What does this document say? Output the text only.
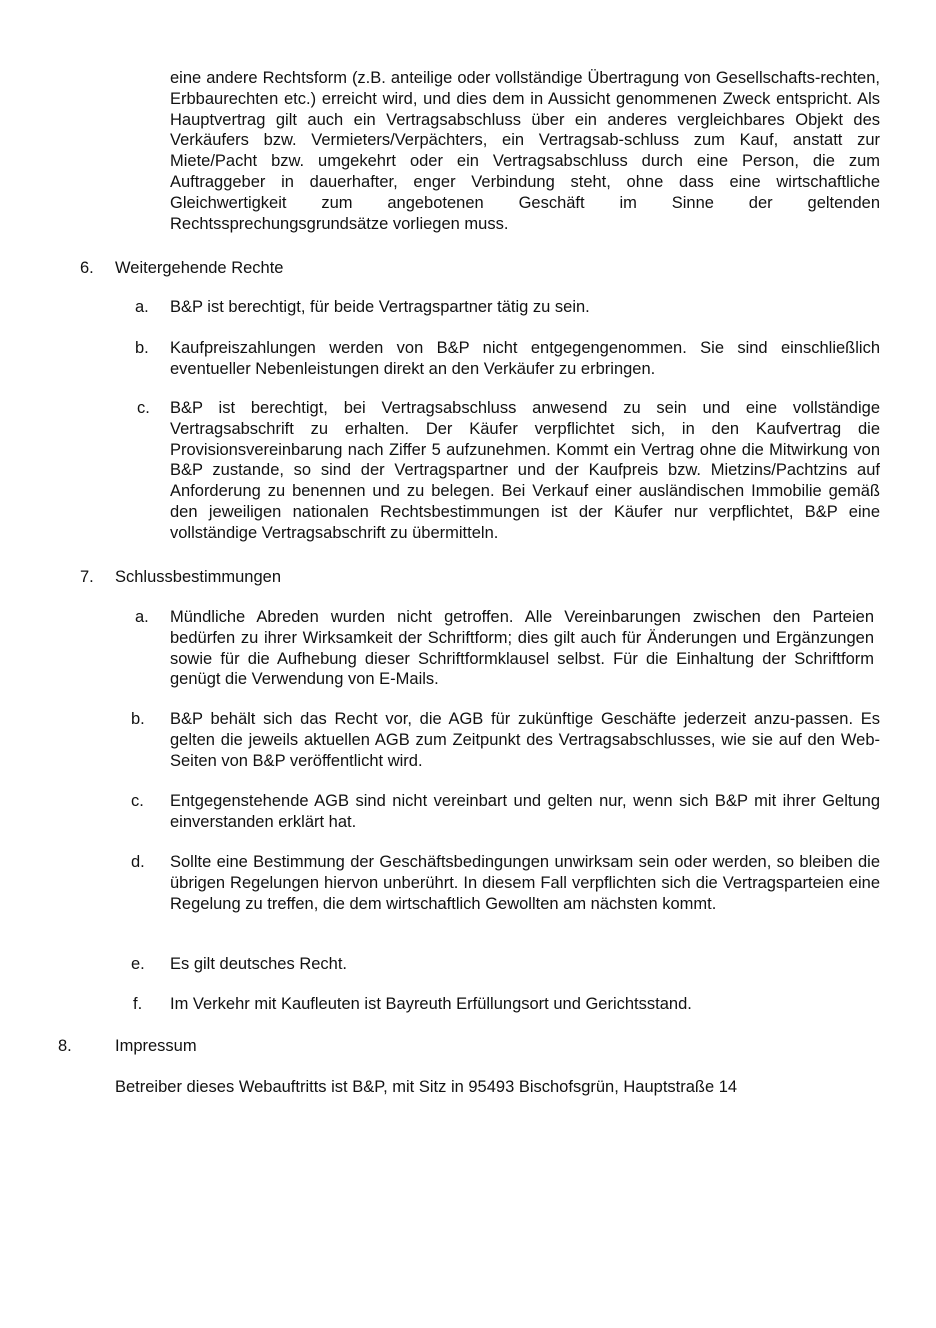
eine andere Rechtsform (z.B. anteilige oder vollständige Übertragung von Gesellschafts-rechten, Erbbaurechten etc.) erreicht wird, und dies dem in Aussicht genommenen Zweck entspricht. Als Hauptvertrag gilt auch ein Vertragsabschluss über ein anderes vergleichbares Objekt des Verkäufers bzw. Vermieters/Verpächters, ein Vertragsab-schluss zum Kauf, anstatt zur Miete/Pacht bzw. umgekehrt oder ein Vertragsabschluss durch eine Person, die zum Auftraggeber in dauerhafter, enger Verbindung steht, ohne dass eine wirtschaftliche Gleichwertigkeit zum angebotenen Geschäft im Sinne der geltenden Rechtssprechungsgrundsätze vorliegen muss.

6. Weitergehende Rechte

a. B&P ist berechtigt, für beide Vertragspartner tätig zu sein.

b. Kaufpreiszahlungen werden von B&P nicht entgegengenommen. Sie sind einschließlich eventueller Nebenleistungen direkt an den Verkäufer zu erbringen.

c. B&P ist berechtigt, bei Vertragsabschluss anwesend zu sein und eine vollständige Vertragsabschrift zu erhalten. Der Käufer verpflichtet sich, in den Kaufvertrag die Provisionsvereinbarung nach Ziffer 5 aufzunehmen. Kommt ein Vertrag ohne die Mitwirkung von B&P zustande, so sind der Vertragspartner und der Kaufpreis bzw. Mietzins/Pachtzins auf Anforderung zu benennen und zu belegen. Bei Verkauf einer ausländischen Immobilie gemäß den jeweiligen nationalen Rechtsbestimmungen ist der Käufer nur verpflichtet, B&P eine vollständige Vertragsabschrift zu übermitteln.

7. Schlussbestimmungen

a. Mündliche Abreden wurden nicht getroffen. Alle Vereinbarungen zwischen den Parteien bedürfen zu ihrer Wirksamkeit der Schriftform; dies gilt auch für Änderungen und Ergänzungen sowie für die Aufhebung dieser Schriftformklausel selbst. Für die Einhaltung der Schriftform genügt die Verwendung von E-Mails.

b. B&P behält sich das Recht vor, die AGB für zukünftige Geschäfte jederzeit anzu-passen. Es gelten die jeweils aktuellen AGB zum Zeitpunkt des Vertragsabschlusses, wie sie auf den Web-Seiten von B&P veröffentlicht wird.

c. Entgegenstehende AGB sind nicht vereinbart und gelten nur, wenn sich B&P mit ihrer Geltung einverstanden erklärt hat.

d. Sollte eine Bestimmung der Geschäftsbedingungen unwirksam sein oder werden, so bleiben die übrigen Regelungen hiervon unberührt. In diesem Fall verpflichten sich die Vertragsparteien eine Regelung zu treffen, die dem wirtschaftlich Gewollten am nächsten kommt.

e. Es gilt deutsches Recht.

f. Im Verkehr mit Kaufleuten ist Bayreuth Erfüllungsort und Gerichtsstand.

8.	Impressum

Betreiber dieses Webauftritts ist B&P, mit Sitz in 95493 Bischofsgrün, Hauptstraße 14
